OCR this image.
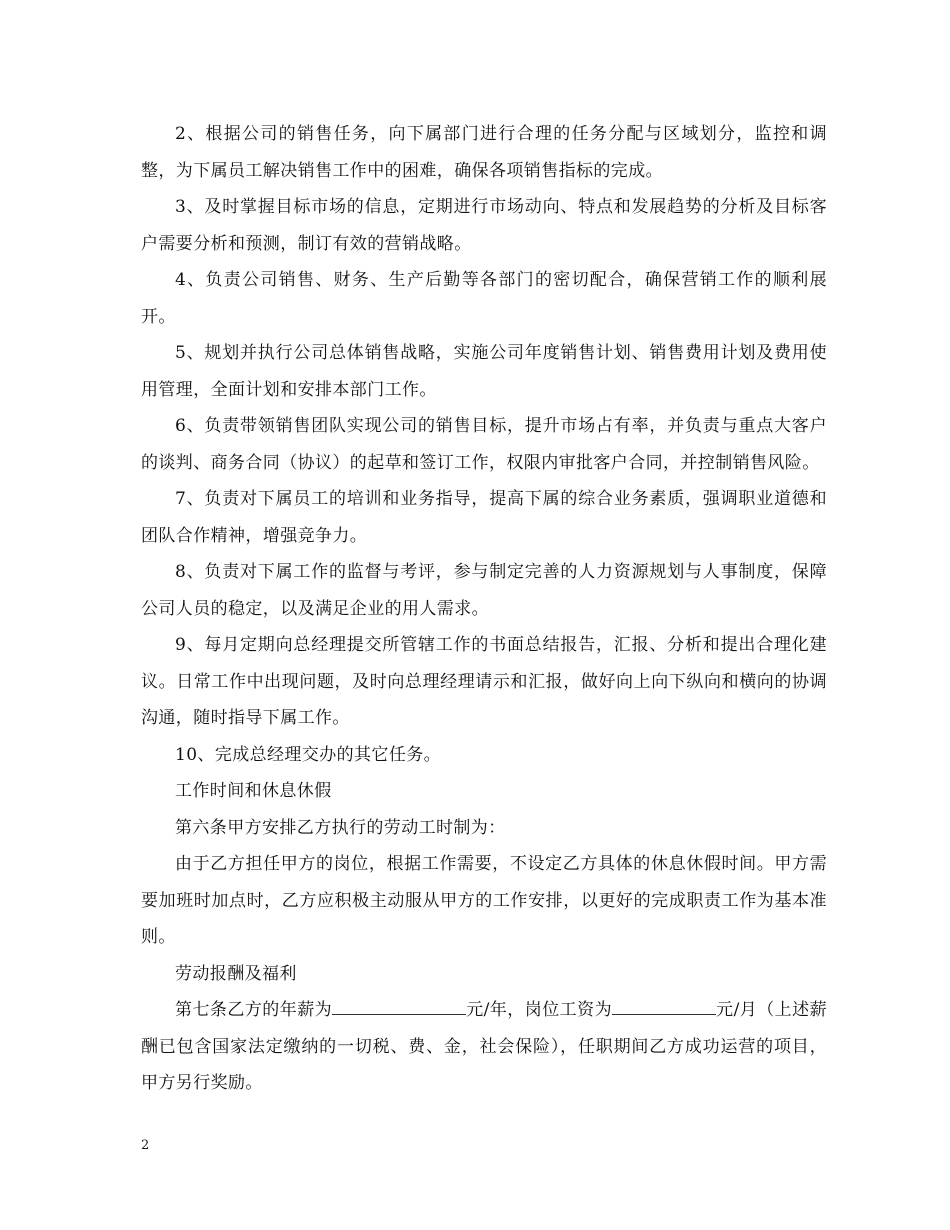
2、根据公司的销售任务，向下属部门进行合理的任务分配与区域划分，监控和调整，为下属员工解决销售工作中的困难，确保各项销售指标的完成。

3、及时掌握目标市场的信息，定期进行市场动向、特点和发展趋势的分析及目标客户需要分析和预测，制订有效的营销战略。

4、负责公司销售、财务、生产后勤等各部门的密切配合，确保营销工作的顺利展开。

5、规划并执行公司总体销售战略，实施公司年度销售计划、销售费用计划及费用使用管理，全面计划和安排本部门工作。

6、负责带领销售团队实现公司的销售目标，提升市场占有率，并负责与重点大客户的谈判、商务合同（协议）的起草和签订工作，权限内审批客户合同，并控制销售风险。

7、负责对下属员工的培训和业务指导，提高下属的综合业务素质，强调职业道德和团队合作精神，增强竞争力。

8、负责对下属工作的监督与考评，参与制定完善的人力资源规划与人事制度，保障公司人员的稳定，以及满足企业的用人需求。

9、每月定期向总经理提交所管辖工作的书面总结报告，汇报、分析和提出合理化建议。日常工作中出现问题，及时向总理经理请示和汇报，做好向上向下纵向和横向的协调沟通，随时指导下属工作。

10、完成总经理交办的其它任务。

工作时间和休息休假

第六条甲方安排乙方执行的劳动工时制为：

由于乙方担任甲方的岗位，根据工作需要，不设定乙方具体的休息休假时间。甲方需要加班时加点时，乙方应积极主动服从甲方的工作安排，以更好的完成职责工作为基本准则。

劳动报酬及福利

第七条乙方的年薪为	元/年，岗位工资为	元/月（上述薪酬已包含国家法定缴纳的一切税、费、金，社会保险），任职期间乙方成功运营的项目，甲方另行奖励。

2
